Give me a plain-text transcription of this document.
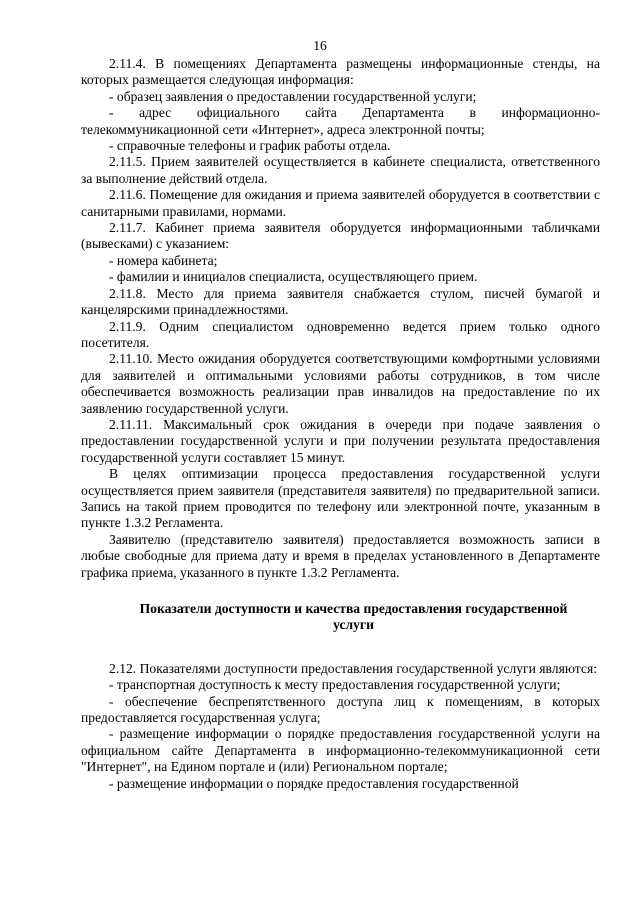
16

2.11.4. В помещениях Департамента размещены информационные стенды, на которых размещается следующая информация:

- образец заявления о предоставлении государственной услуги;

- адрес официального сайта Департамента в информационно-телекоммуникационной сети «Интернет», адреса электронной почты;

- справочные телефоны и график работы отдела.

2.11.5. Прием заявителей осуществляется в кабинете специалиста, ответственного за выполнение действий отдела.

2.11.6. Помещение для ожидания и приема заявителей оборудуется в соответствии с санитарными правилами, нормами.

2.11.7. Кабинет приема заявителя оборудуется информационными табличками (вывесками) с указанием:

- номера кабинета;

- фамилии и инициалов специалиста, осуществляющего прием.

2.11.8. Место для приема заявителя снабжается стулом, писчей бумагой и канцелярскими принадлежностями.

2.11.9. Одним специалистом одновременно ведется прием только одного посетителя.

2.11.10. Место ожидания оборудуется соответствующими комфортными условиями для заявителей и оптимальными условиями работы сотрудников, в том числе обеспечивается возможность реализации прав инвалидов на предоставление по их заявлению государственной услуги.

2.11.11. Максимальный срок ожидания в очереди при подаче заявления о предоставлении государственной услуги и при получении результата предоставления государственной услуги составляет 15 минут.

В целях оптимизации процесса предоставления государственной услуги осуществляется прием заявителя (представителя заявителя) по предварительной записи. Запись на такой прием проводится по телефону или электронной почте, указанным в пункте 1.3.2 Регламента.

Заявителю (представителю заявителя) предоставляется возможность записи в любые свободные для приема дату и время в пределах установленного в Департаменте графика приема, указанного в пункте 1.3.2 Регламента.

Показатели доступности и качества предоставления государственной услуги

2.12. Показателями доступности предоставления государственной услуги являются:

- транспортная доступность к месту предоставления государственной услуги;

- обеспечение беспрепятственного доступа лиц к помещениям, в которых предоставляется государственная услуга;

- размещение информации о порядке предоставления государственной услуги на официальном сайте Департамента в информационно-телекоммуникационной сети "Интернет", на Едином портале и (или) Региональном портале;

- размещение информации о порядке предоставления государственной
